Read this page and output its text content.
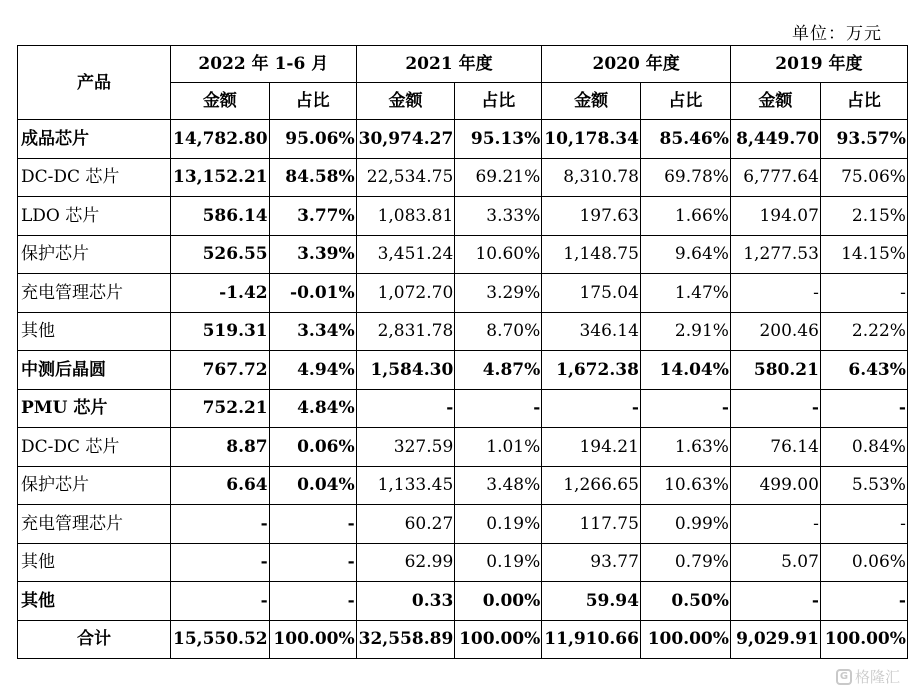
单位：万元
产品	2022 年 1-6 月		2021 年度		2020 年度		2019 年度	
	金额	占比	金额	占比	金额	占比	金额	占比
成品芯片	14,782.80	95.06%	30,974.27	95.13%	10,178.34	85.46%	8,449.70	93.57%
DC-DC 芯片	13,152.21	84.58%	22,534.75	69.21%	8,310.78	69.78%	6,777.64	75.06%
LDO 芯片	586.14	3.77%	1,083.81	3.33%	197.63	1.66%	194.07	2.15%
保护芯片	526.55	3.39%	3,451.24	10.60%	1,148.75	9.64%	1,277.53	14.15%
充电管理芯片	-1.42	-0.01%	1,072.70	3.29%	175.04	1.47%	-	-
其他	519.31	3.34%	2,831.78	8.70%	346.14	2.91%	200.46	2.22%
中测后晶圆	767.72	4.94%	1,584.30	4.87%	1,672.38	14.04%	580.21	6.43%
PMU 芯片	752.21	4.84%	-	-	-	-	-	-
DC-DC 芯片	8.87	0.06%	327.59	1.01%	194.21	1.63%	76.14	0.84%
保护芯片	6.64	0.04%	1,133.45	3.48%	1,266.65	10.63%	499.00	5.53%
充电管理芯片	-	-	60.27	0.19%	117.75	0.99%	-	-
其他	-	-	62.99	0.19%	93.77	0.79%	5.07	0.06%
其他	-	-	0.33	0.00%	59.94	0.50%	-	-
合计	15,550.52	100.00%	32,558.89	100.00%	11,910.66	100.00%	9,029.91	100.00%
G 格隆汇
